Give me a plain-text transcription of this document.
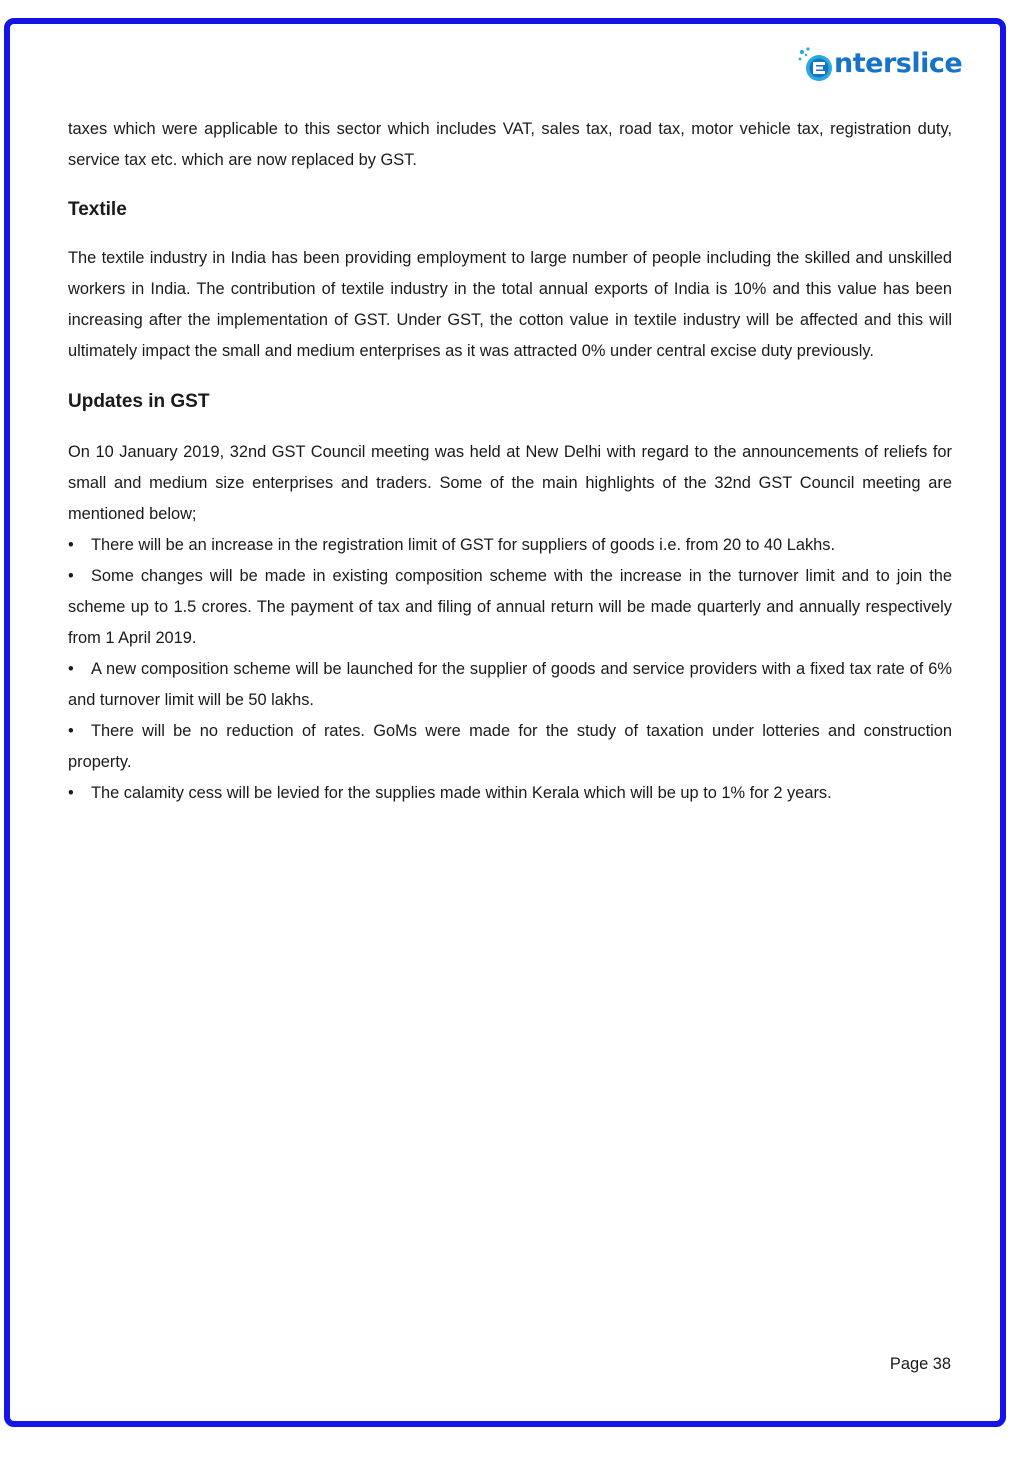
nterslice

taxes which were applicable to this sector which includes VAT, sales tax, road tax, motor vehicle tax, registration duty, service tax etc. which are now replaced by GST.

Textile

The textile industry in India has been providing employment to large number of people including the skilled and unskilled workers in India. The contribution of textile industry in the total annual exports of India is 10% and this value has been increasing after the implementation of GST. Under GST, the cotton value in textile industry will be affected and this will ultimately impact the small and medium enterprises as it was attracted 0% under central excise duty previously.

Updates in GST

On 10 January 2019, 32nd GST Council meeting was held at New Delhi with regard to the announcements of reliefs for small and medium size enterprises and traders. Some of the main highlights of the 32nd GST Council meeting are mentioned below;

• There will be an increase in the registration limit of GST for suppliers of goods i.e. from 20 to 40 Lakhs.
• Some changes will be made in existing composition scheme with the increase in the turnover limit and to join the scheme up to 1.5 crores. The payment of tax and filing of annual return will be made quarterly and annually respectively from 1 April 2019.
• A new composition scheme will be launched for the supplier of goods and service providers with a fixed tax rate of 6% and turnover limit will be 50 lakhs.
• There will be no reduction of rates. GoMs were made for the study of taxation under lotteries and construction property.
• The calamity cess will be levied for the supplies made within Kerala which will be up to 1% for 2 years.
Page 38
